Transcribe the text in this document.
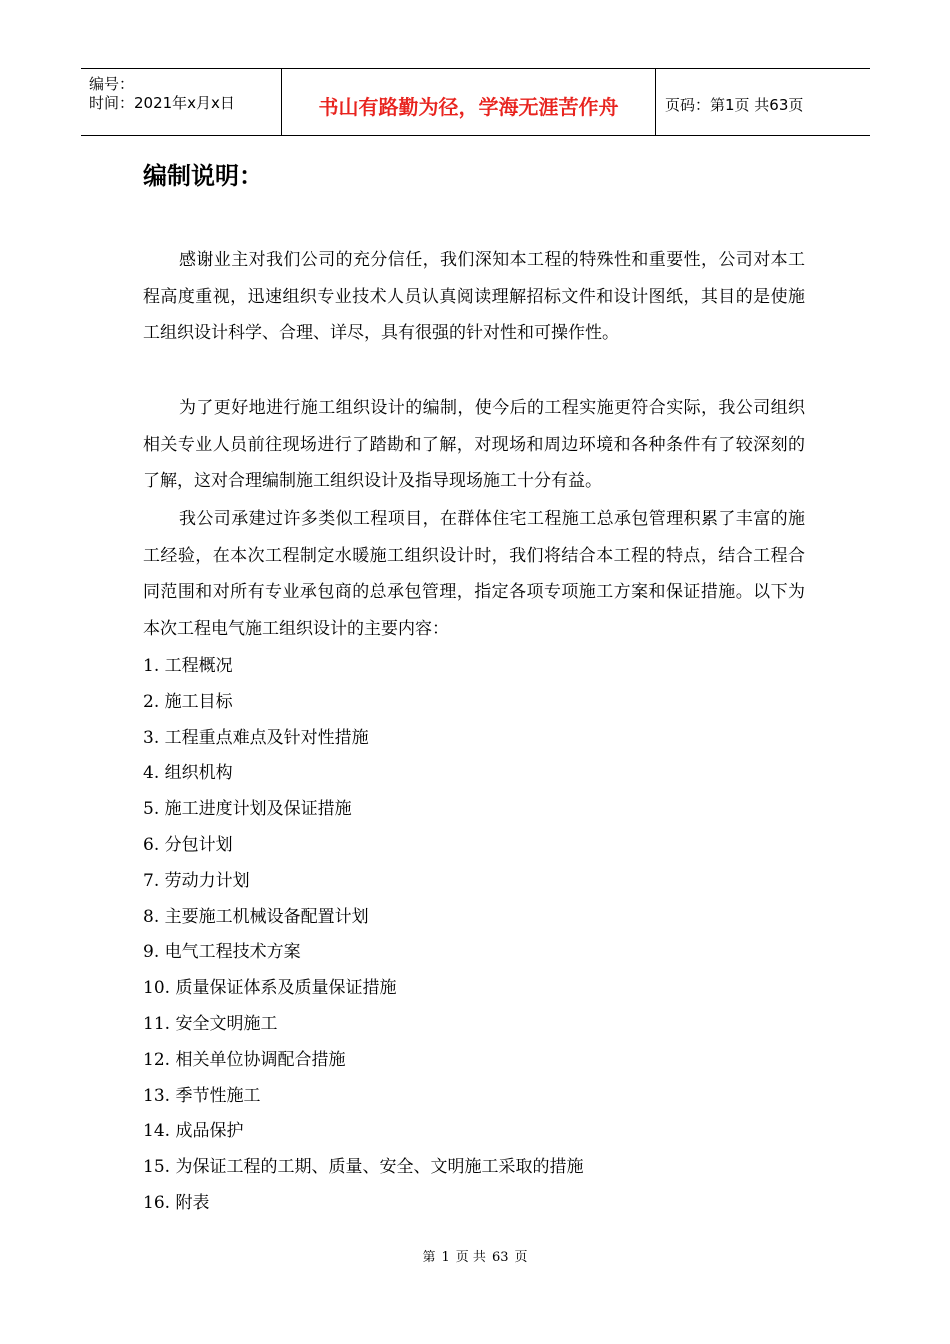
编号：
时间：2021年x月x日	书山有路勤为径，学海无涯苦作舟	页码：第1页 共63页
编制说明：

感谢业主对我们公司的充分信任，我们深知本工程的特殊性和重要性，公司对本工程高度重视，迅速组织专业技术人员认真阅读理解招标文件和设计图纸，其目的是使施工组织设计科学、合理、详尽，具有很强的针对性和可操作性。

为了更好地进行施工组织设计的编制，使今后的工程实施更符合实际，我公司组织相关专业人员前往现场进行了踏勘和了解，对现场和周边环境和各种条件有了较深刻的了解，这对合理编制施工组织设计及指导现场施工十分有益。

我公司承建过许多类似工程项目，在群体住宅工程施工总承包管理积累了丰富的施工经验，在本次工程制定水暖施工组织设计时，我们将结合本工程的特点，结合工程合同范围和对所有专业承包商的总承包管理，指定各项专项施工方案和保证措施。以下为本次工程电气施工组织设计的主要内容：

1. 工程概况
2. 施工目标
3. 工程重点难点及针对性措施
4. 组织机构
5. 施工进度计划及保证措施
6. 分包计划
7. 劳动力计划
8. 主要施工机械设备配置计划
9. 电气工程技术方案
10. 质量保证体系及质量保证措施
11. 安全文明施工
12. 相关单位协调配合措施
13. 季节性施工
14. 成品保护
15. 为保证工程的工期、质量、安全、文明施工采取的措施
16. 附表
第 1 页 共 63 页
